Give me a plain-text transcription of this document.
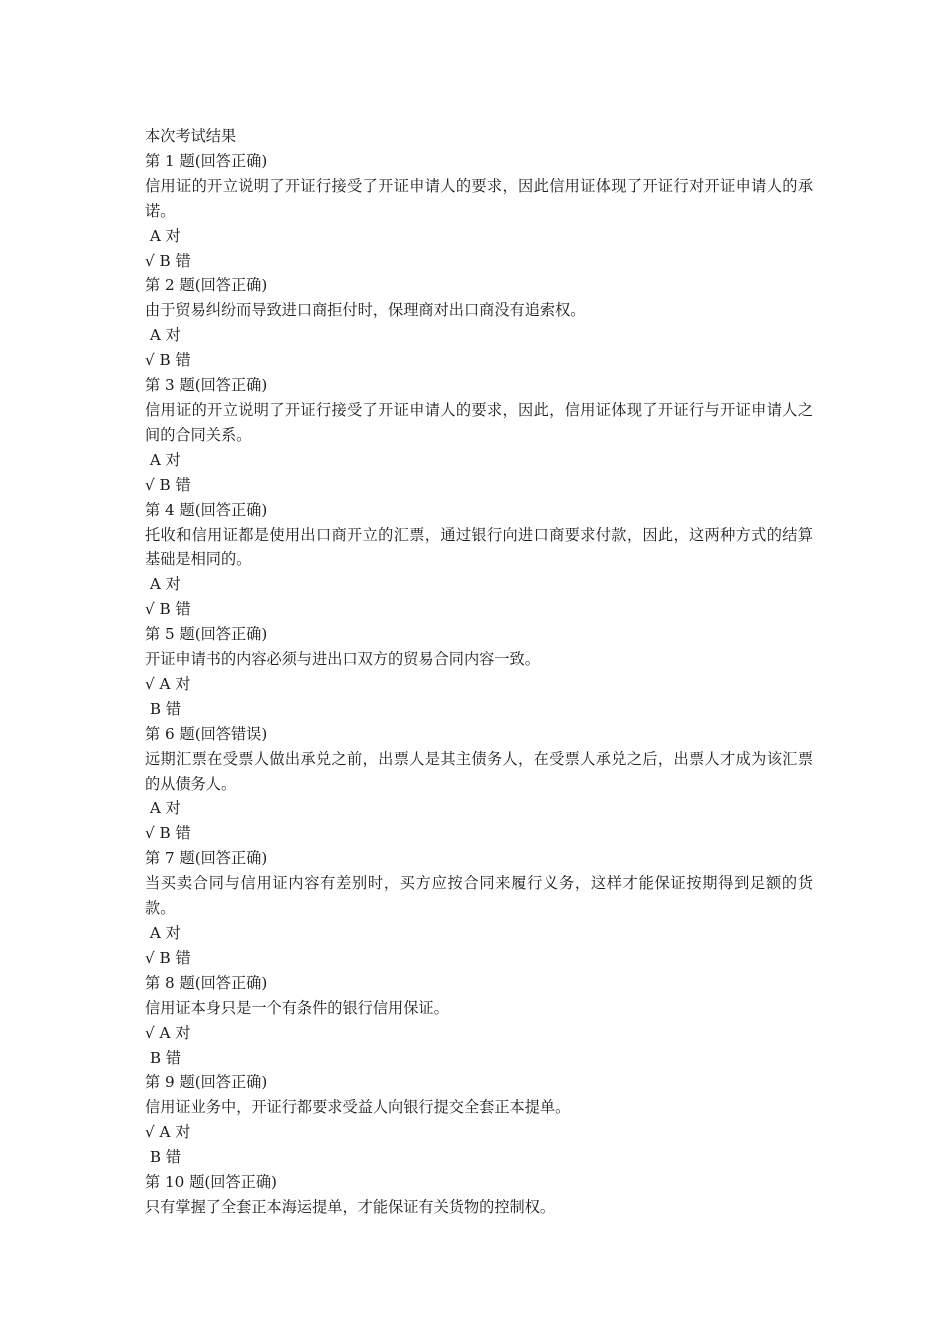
本次考试结果
第 1 题(回答正确)
信用证的开立说明了开证行接受了开证申请人的要求，因此信用证体现了开证行对开证申请人的承诺。
A 对
√ B 错
第 2 题(回答正确)
由于贸易纠纷而导致进口商拒付时，保理商对出口商没有追索权。
A 对
√ B 错
第 3 题(回答正确)
信用证的开立说明了开证行接受了开证申请人的要求，因此，信用证体现了开证行与开证申请人之间的合同关系。
A 对
√ B 错
第 4 题(回答正确)
托收和信用证都是使用出口商开立的汇票，通过银行向进口商要求付款，因此，这两种方式的结算基础是相同的。
A 对
√ B 错
第 5 题(回答正确)
开证申请书的内容必须与进出口双方的贸易合同内容一致。
√ A 对
B 错
第 6 题(回答错误)
远期汇票在受票人做出承兑之前，出票人是其主债务人，在受票人承兑之后，出票人才成为该汇票的从债务人。
A 对
√ B 错
第 7 题(回答正确)
当买卖合同与信用证内容有差别时，买方应按合同来履行义务，这样才能保证按期得到足额的货款。
A 对
√ B 错
第 8 题(回答正确)
信用证本身只是一个有条件的银行信用保证。
√ A 对
B 错
第 9 题(回答正确)
信用证业务中，开证行都要求受益人向银行提交全套正本提单。
√ A 对
B 错
第 10 题(回答正确)
只有掌握了全套正本海运提单，才能保证有关货物的控制权。
